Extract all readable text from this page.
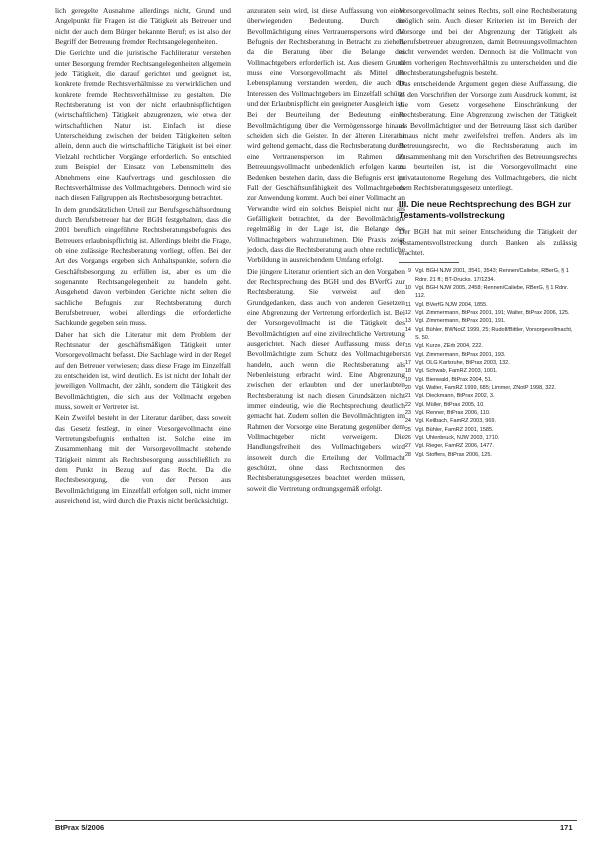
lich geregelte Ausnahme allerdings nicht, Grund und Angelpunkt für Fragen ist die Tätigkeit als Betreuer und nicht der auch dem Bürger bekannte Beruf; es ist also der Begriff der Betreuung fremder Rechtsangelegenheiten.

Die Gerichte und die juristische Fachliteratur verstehen unter Besorgung fremder Rechtsangelegenheiten allgemein jede Tätigkeit, die darauf gerichtet und geeignet ist, konkrete fremde Rechtsverhältnisse zu verwirklichen und konkrete fremde Rechtsverhältnisse zu gestalten. Die Rechtsberatung ist von der nicht erlaubnispflichtigen (wirtschaftlichen) Tätigkeit abzugrenzen, wie etwa der wirtschaftlichen Natur ist. Einfach ist diese Unterscheidung zwischen der beiden Tätigkeiten selten allein, denn auch die wirtschaftliche Tätigkeit ist bei einer Vielzahl rechtlicher Vorgänge erforderlich. So entschied zum Beispiel der Einsatz von Lebensmitteln des Abnehmens eine Kaufvertrags und geschlossen die Rechtsverhältnisse des Vollmachtgebers. Dennoch wird sie nach diesen Fallgruppen als Rechtsbesorgung betrachtet.

In dem grundsätzlichen Urteil zur Berufsgeschäftsordnung durch Berufsbetreuer hat der BGH festgehalten, dass die 2001 beruflich eingeführte Rechtsberatungsbefugnis des Betreuers erlaubnispflichtig ist. Allerdings bleibt die Frage, ob eine zulässige Rechtsberatung vorliegt, offen. Bei der Art des Vorgangs ergeben sich Anhaltspunkte, sofern die Geschäftsbesorgung zu erfüllen ist, aber es um die sogenannte Rechtsangelegenheit zu handeln geht. Ausgehend davon verbinden Gerichte nicht selten die sachliche Befugnis zur Rechtsberatung durch Berufsbetreuer, wobei allerdings die erforderliche Sachkunde gegeben sein muss.

Daher hat sich die Literatur mit dem Problem der Rechtsnatur der geschäftsmäßigen Tätigkeit unter Vorsorgevollmacht befasst. Die Sachlage wird in der Regel auf den Betreuer verwiesen; dass diese Frage im Einzelfall zu entscheiden ist, wird deutlich. Es ist nicht der Inhalt der jeweiligen Vollmacht, der zählt, sondern die Tätigkeit des Bevollmächtigten, die sich aus der Vollmacht ergeben muss, soweit er Vertreter ist.

Kein Zweifel besteht in der Literatur darüber, dass soweit das Gesetz festlegt, in einer Vorsorgevollmacht eine Vertretungsbefugnis enthalten ist. Solche eine im Zusammenhang mit der Vorsorgevollmacht stehende Tätigkeit nimmt als Rechtsbesorgung ausschließlich zu dem Punkt in Bezug auf das Recht. Da die Rechtsbesorgung, die von der Person aus Bevollmächtigung im Einzelfall erfolgen soll, nicht immer ausreichend ist, wird durch die Praxis nicht berücksichtigt.

anzuraten sein wird, ist diese Auffassung von einer überwiegenden Bedeutung. Durch die Bevollmächtigung eines Vertrauenspersons wird die Befugnis der Rechtsberatung in Betracht zu ziehen, da die Beratung über die Belange des Vollmachtgebers erforderlich ist. Aus diesem Grund muss eine Vorsorgevollmacht als Mittel der Lebensplanung verstanden werden, die auch die Interessen des Vollmachtgebers im Einzelfall schützt und der Erlaubnispflicht ein geeigneter Ausgleich ist.

Bei der Beurteilung der Bedeutung einer Bevollmächtigung über die Vermögenssorge hinaus scheiden sich die Geister. In der älteren Literatur wird geltend gemacht, dass die Rechtsberatung durch eine Vertrauensperson im Rahmen der Betreuungsvollmacht unbedenklich erfolgen kann. Bedenken bestehen darin, dass die Befugnis erst im Fall der Geschäftsunfähigkeit des Vollmachtgebers zur Anwendung kommt. Auch bei einer Vollmacht an Verwandte wird ein solches Beispiel nicht nur als Gefälligkeit betrachtet, da der Bevollmächtigte regelmäßig in der Lage ist, die Belange des Vollmachtgebers wahrzunehmen. Die Praxis zeigt jedoch, dass die Rechtsberatung auch ohne rechtliche Vorbildung in ausreichendem Umfang erfolgt.

Die jüngere Literatur orientiert sich an den Vorgaben der Rechtsprechung des BGH und des BVerfG zur Rechtsberatung. Sie verweist auf den Grundgedanken, dass auch von anderen Gesetzen eine Abgrenzung der Vertretung erforderlich ist. Bei der Vorsorgevollmacht ist die Tätigkeit des Bevollmächtigten auf eine zivilrechtliche Vertretung ausgerichtet. Nach dieser Auffassung muss der Bevollmächtigte zum Schutz des Vollmachtgebers handeln, auch wenn die Rechtsberatung als Nebenleistung erbracht wird. Eine Abgrenzung zwischen der erlaubten und der unerlaubten Rechtsberatung ist nach diesen Grundsätzen nicht immer eindeutig, wie die Rechtsprechung deutlich gemacht hat. Zudem sollen die Bevollmächtigten im Rahmen der Vorsorge eine Beratung gegenüber dem Vollmachtgeber nicht verweigern. Die Handlungsfreiheit des Vollmachtgebers wird insoweit durch die Erteilung der Vollmacht geschützt, ohne dass Rechtsnormen des Rechtsberatungsgesetzes beachtet werden müssen, soweit die Vertretung ordnungsgemäß erfolgt.

Vorsorgevollmacht seines Rechts, soll eine Rechtsberatung möglich sein. Auch dieser Kriterien ist im Bereich der Vorsorge und bei der Abgrenzung der Tätigkeit als Berufsbetreuer abzugrenzen, damit Betreuungsvollmachten nicht verwendet werden. Dennoch ist die Vollmacht von dem vorherigen Rechtsverhältnis zu unterscheiden und die Rechtsberatungsbefugnis besteht.

Das entscheidende Argument gegen diese Auffassung, die in den Vorschriften der Vorsorge zum Ausdruck kommt, ist die vom Gesetz vorgesehene Einschränkung der Rechtsberatung. Eine Abgrenzung zwischen der Tätigkeit als Bevollmächtigter und der Betreuung lässt sich darüber hinaus nicht mehr zweifelsfrei treffen. Anders als im Betreuungsrecht, wo die Rechtsberatung auch im Zusammenhang mit den Vorschriften des Betreuungsrechts zu beurteilen ist, ist die Vorsorgevollmacht eine privatautonome Regelung des Vollmachtgebers, die nicht dem Rechtsberatungsgesetz unterliegt.

III. Die neue Rechtsprechung des BGH zur Testaments-vollstreckung

Der BGH hat mit seiner Entscheidung die Tätigkeit der Testamentsvollstreckung durch Banken als zulässig erachtet.

9 Vgl. BGH NJW 2001, 3541, 3543; Rennen/Caliebe, RBerG, § 1 Rdnr. 21 ff.; BT-Drucks. 17/1234.
10 Vgl. BGH NJW 2005, 2458; Rennen/Caliebe, RBerG, § 1 Rdnr. 112.
11 Vgl. BVerfG NJW 2004, 1855.
12 Vgl. Zimmermann, BtPrax 2001, 191; Walter, BtPrax 2006, 125.
13 Vgl. Zimmermann, BtPrax 2001, 191.
14 Vgl. Bühler, BWNotZ 1999, 25; Rudolf/Bittler, Vorsorgevollmacht, S. 50.
15 Vgl. Kurze, ZErb 2004, 222.
16 Vgl. Zimmermann, BtPrax 2001, 193.
17 Vgl. OLG Karlsruhe, BtPrax 2003, 132.
18 Vgl. Schwab, FamRZ 2003, 1001.
19 Vgl. Bienwald, BtPrax 2004, 51.
20 Vgl. Walter, FamRZ 1999, 685; Limmer, ZNotP 1998, 322.
21 Vgl. Dieckmann, BtPrax 2002, 3.
22 Vgl. Müller, BtPrax 2005, 10.
23 Vgl. Renner, BtPrax 2006, 110.
24 Vgl. Keilbach, FamRZ 2003, 969.
25 Vgl. Bühler, FamRZ 2001, 1585.
26 Vgl. Uhlenbruck, NJW 2003, 1710.
27 Vgl. Rieger, FamRZ 2006, 1477.
28 Vgl. Stoffers, BtPrax 2006, 125.
BtPrax 5/2006	171
